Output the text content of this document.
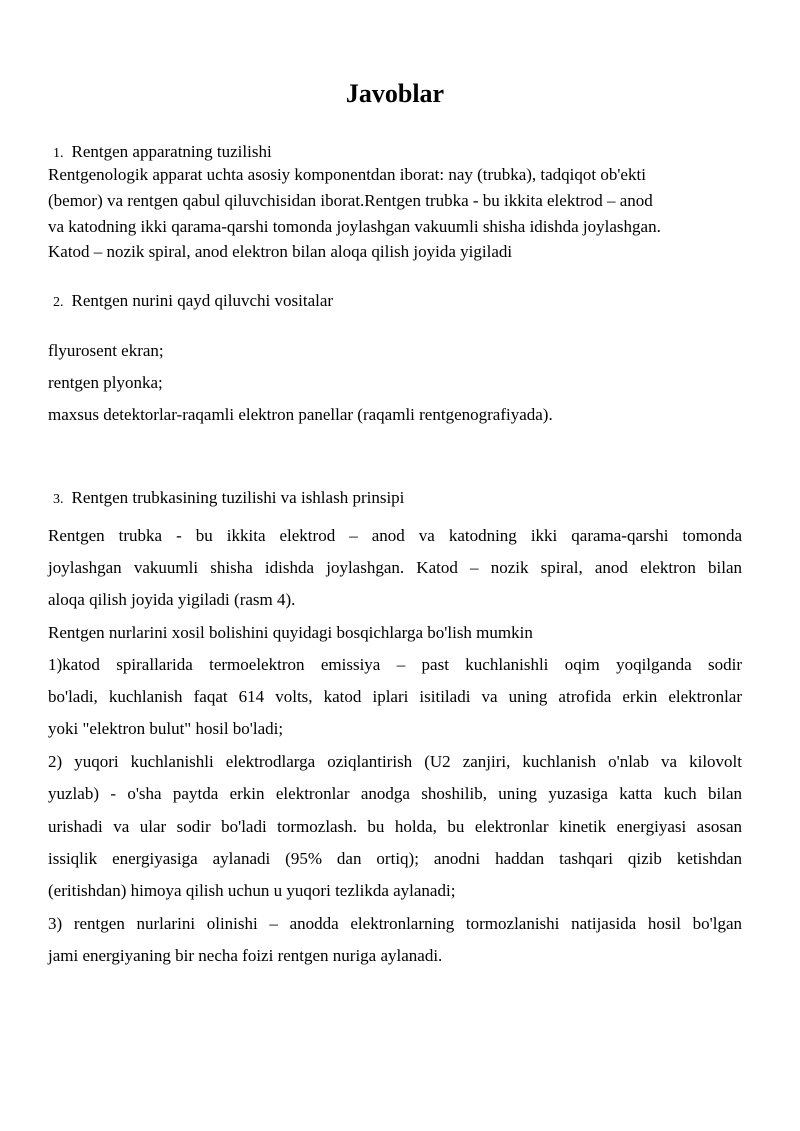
Javoblar
1. Rentgen apparatning tuzilishi
Rentgenologik apparat uchta asosiy komponentdan iborat: nay (trubka), tadqiqot ob'ekti
(bemor) va rentgen qabul qiluvchisidan iborat.Rentgen trubka - bu ikkita elektrod – anod
va katodning ikki qarama-qarshi tomonda joylashgan vakuumli shisha idishda joylashgan.
Katod – nozik spiral, anod elektron bilan aloqa qilish joyida yigiladi
2. Rentgen nurini qayd qiluvchi vositalar
flyurosent ekran;
rentgen plyonka;
maxsus detektorlar-raqamli elektron panellar (raqamli rentgenografiyada).
3. Rentgen trubkasining tuzilishi va ishlash prinsipi
Rentgen trubka - bu ikkita elektrod – anod va katodning ikki qarama-qarshi tomonda
joylashgan vakuumli shisha idishda joylashgan. Katod – nozik spiral, anod elektron bilan
aloqa qilish joyida yigiladi (rasm 4).
Rentgen nurlarini xosil bolishini quyidagi bosqichlarga bo'lish mumkin
1)katod spirallarida termoelektron emissiya – past kuchlanishli oqim yoqilganda sodir
bo'ladi, kuchlanish faqat 614 volts, katod iplari isitiladi va uning atrofida erkin elektronlar
yoki "elektron bulut" hosil bo'ladi;
2) yuqori kuchlanishli elektrodlarga oziqlantirish (U2 zanjiri, kuchlanish o'nlab va kilovolt
yuzlab) - o'sha paytda erkin elektronlar anodga shoshilib, uning yuzasiga katta kuch bilan
urishadi va ular sodir bo'ladi tormozlash. bu holda, bu elektronlar kinetik energiyasi asosan
issiqlik energiyasiga aylanadi (95% dan ortiq); anodni haddan tashqari qizib ketishdan
(eritishdan) himoya qilish uchun u yuqori tezlikda aylanadi;
3) rentgen nurlarini olinishi – anodda elektronlarning tormozlanishi natijasida hosil bo'lgan
jami energiyaning bir necha foizi rentgen nuriga aylanadi.
